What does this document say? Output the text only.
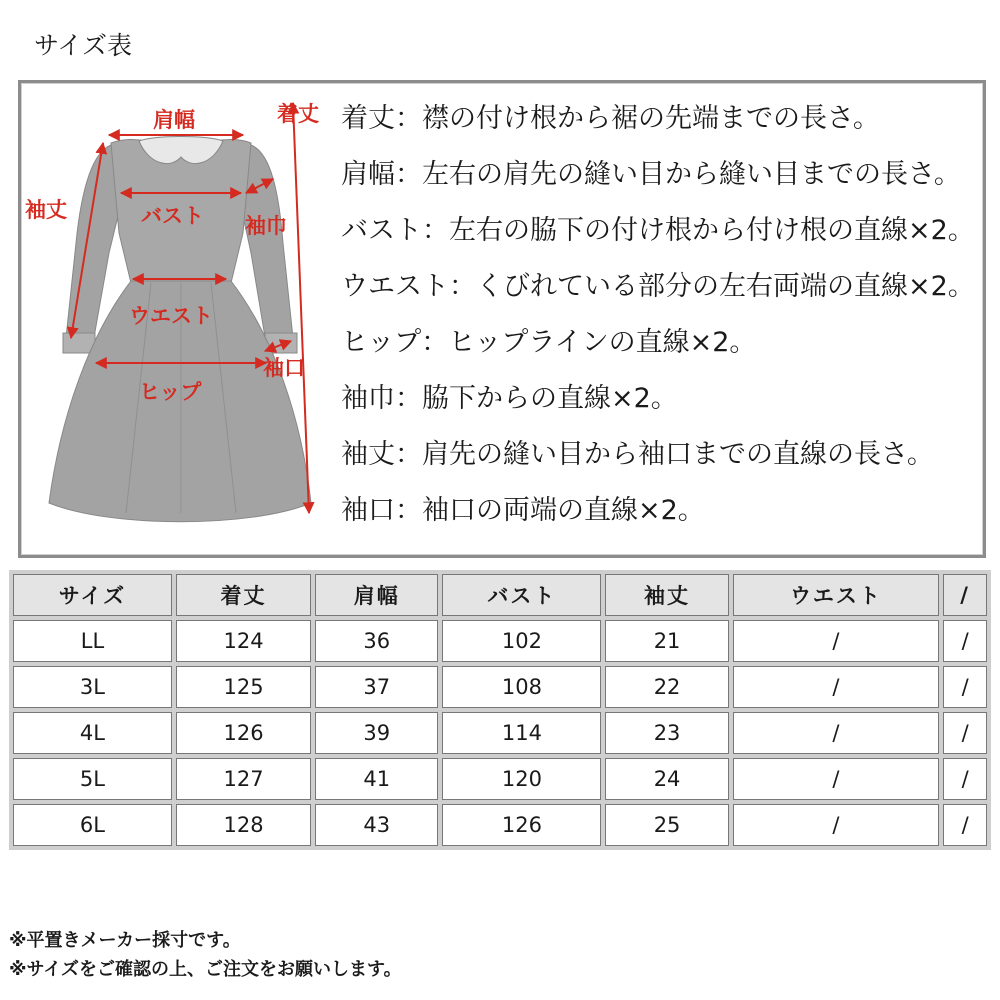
サイズ表
肩幅	着丈
袖丈	バスト 袖巾
ウエスト
袖口
ヒップ
着丈：襟の付け根から裾の先端までの長さ。
肩幅：左右の肩先の縫い目から縫い目までの長さ。
バスト：左右の脇下の付け根から付け根の直線×2。
ウエスト：くびれている部分の左右両端の直線×2。
ヒップ：ヒップラインの直線×2。
袖巾：脇下からの直線×2。
袖丈：肩先の縫い目から袖口までの直線の長さ。
袖口：袖口の両端の直線×2。
サイズ	着丈	肩幅	バスト	袖丈	ウエスト	/
LL	124	36	102	21	/	/
3L	125	37	108	22	/	/
4L	126	39	114	23	/	/
5L	127	41	120	24	/	/
6L	128	43	126	25	/	/
※平置きメーカー採寸です。
※サイズをご確認の上、ご注文をお願いします。
